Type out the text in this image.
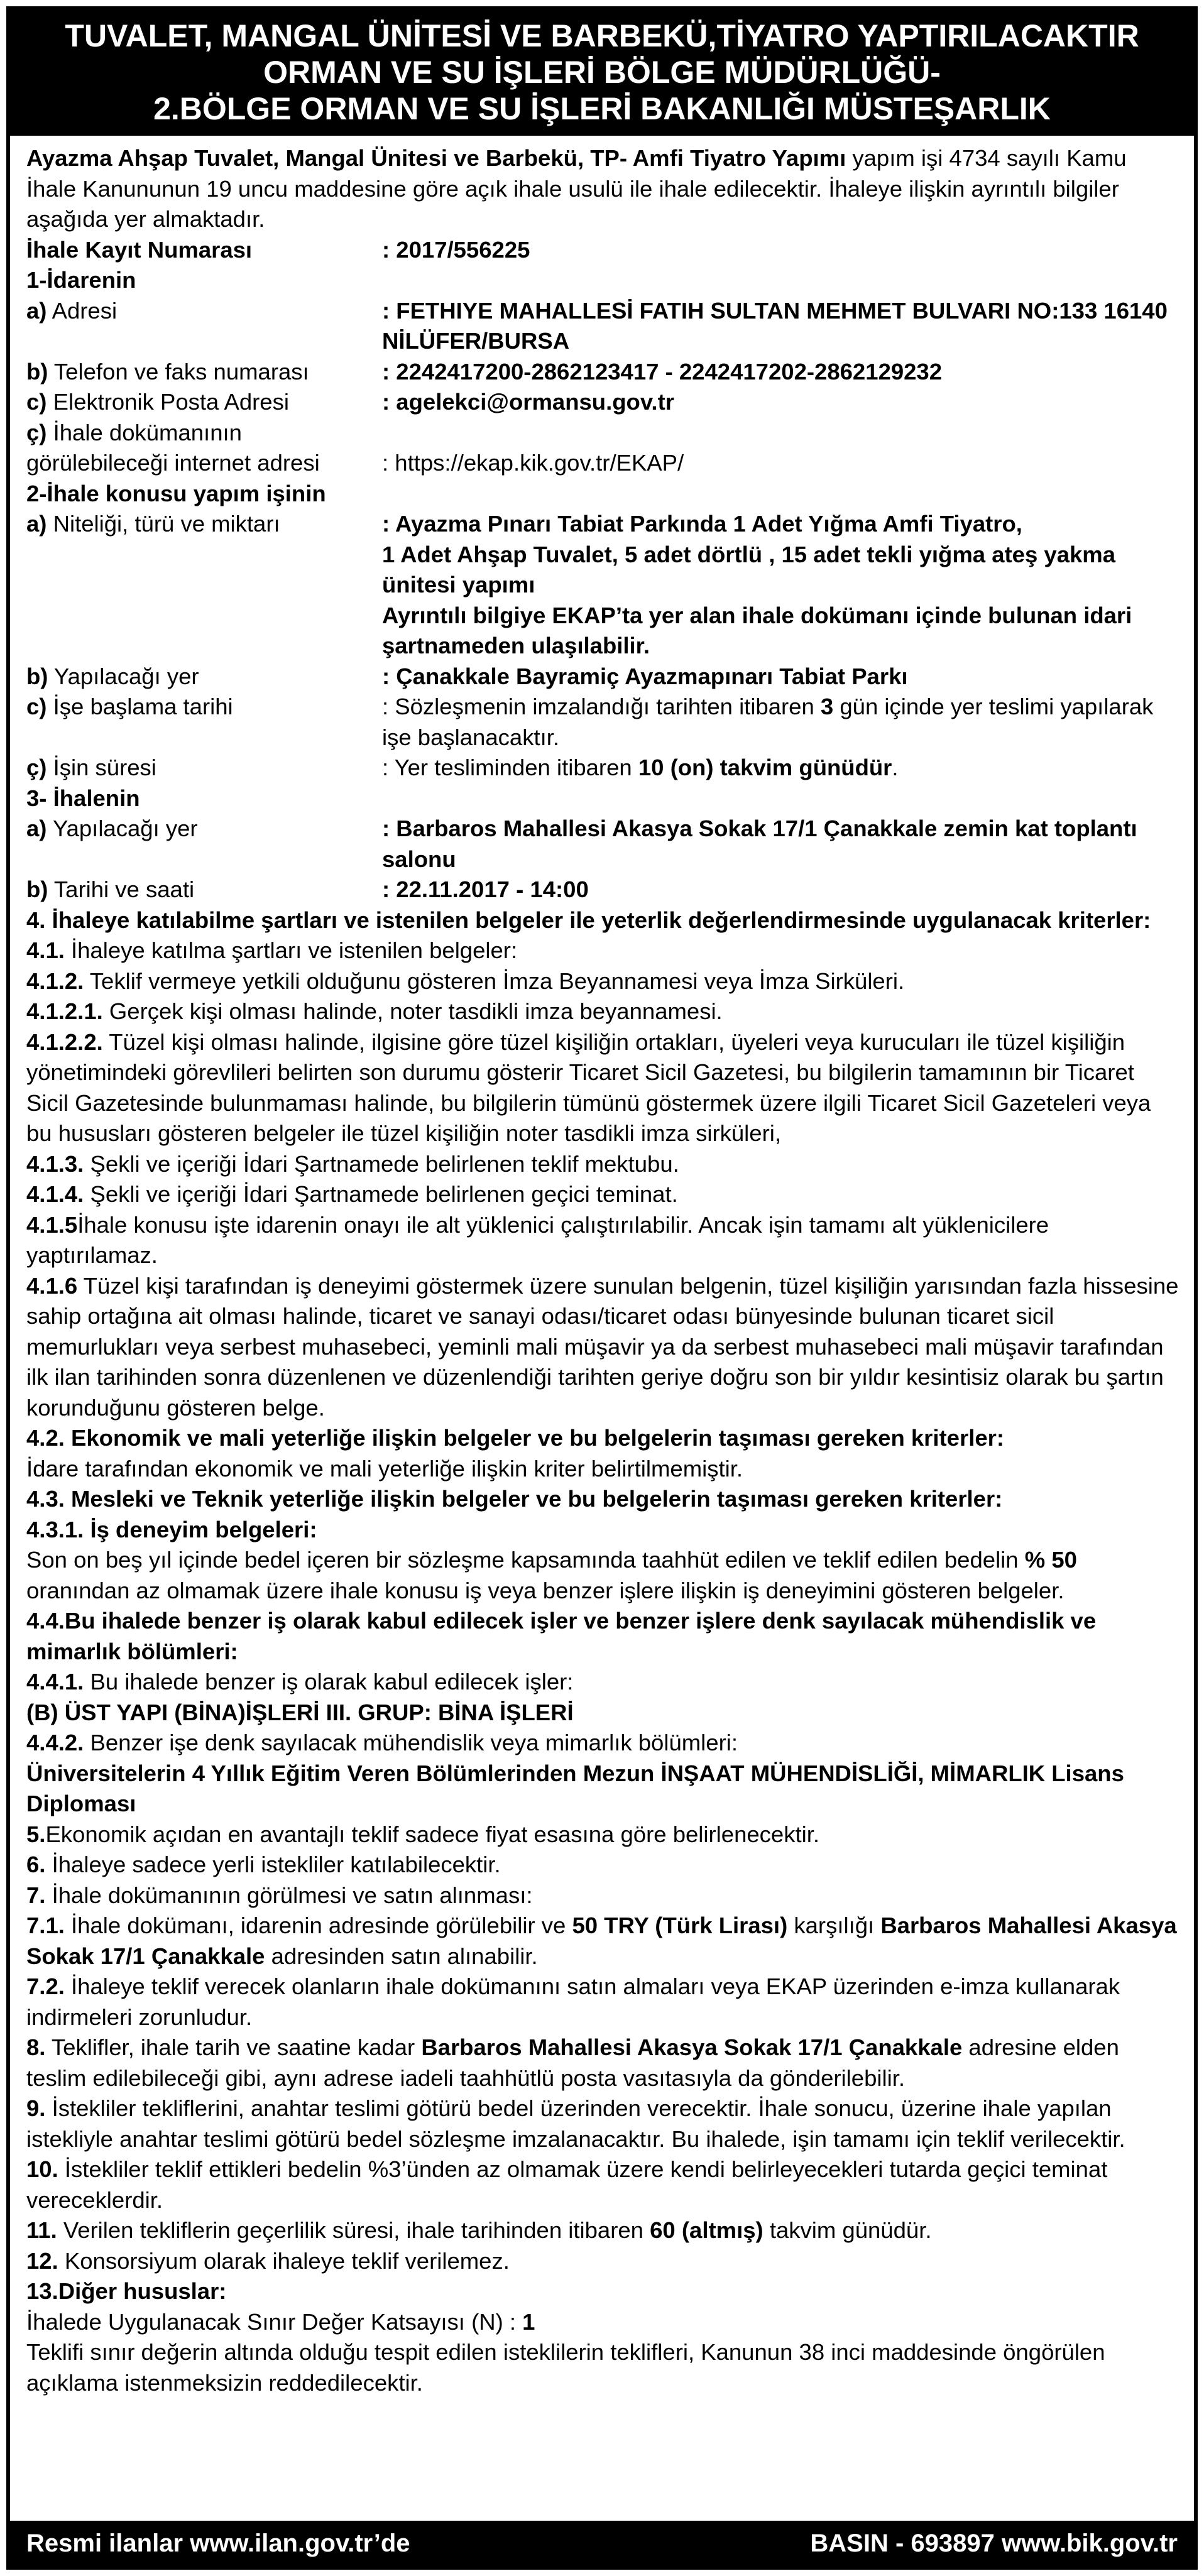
TUVALET, MANGAL ÜNİTESİ VE BARBEKÜ,TİYATRO YAPTIRILACAKTIR
ORMAN VE SU İŞLERİ BÖLGE MÜDÜRLÜĞÜ-
2.BÖLGE ORMAN VE SU İŞLERİ BAKANLIĞI MÜSTEŞARLIK

Ayazma Ahşap Tuvalet, Mangal Ünitesi ve Barbekü, TP- Amfi Tiyatro Yapımı yapım işi 4734 sayılı Kamu İhale Kanununun 19 uncu maddesine göre açık ihale usulü ile ihale edilecektir. İhaleye ilişkin ayrıntılı bilgiler aşağıda yer almaktadır.

İhale Kayıt Numarası	: 2017/556225

1-İdarenin

a) Adresi	: FETHIYE MAHALLESİ FATIH SULTAN MEHMET BULVARI NO:133 16140 NİLÜFER/BURSA
b) Telefon ve faks numarası	: 2242417200-2862123417 - 2242417202-2862129232
c) Elektronik Posta Adresi	: agelekci@ormansu.gov.tr

ç) İhale dokümanının

görülebileceği internet adresi	: https://ekap.kik.gov.tr/EKAP/

2-İhale konusu yapım işinin

a) Niteliği, türü ve miktarı	: Ayazma Pınarı Tabiat Parkında 1 Adet Yığma Amfi Tiyatro,
1 Adet Ahşap Tuvalet, 5 adet dörtlü , 15 adet tekli yığma ateş yakma ünitesi yapımı
Ayrıntılı bilgiye EKAP’ta yer alan ihale dokümanı içinde bulunan idari şartnameden ulaşılabilir.
b) Yapılacağı yer	: Çanakkale Bayramiç Ayazmapınarı Tabiat Parkı
c) İşe başlama tarihi	: Sözleşmenin imzalandığı tarihten itibaren 3 gün içinde yer teslimi yapılarak işe başlanacaktır.
ç) İşin süresi	: Yer tesliminden itibaren 10 (on) takvim günüdür.

3- İhalenin

a) Yapılacağı yer	: Barbaros Mahallesi Akasya Sokak 17/1 Çanakkale zemin kat toplantı salonu
b) Tarihi ve saati	: 22.11.2017 - 14:00

4. İhaleye katılabilme şartları ve istenilen belgeler ile yeterlik değerlendirmesinde uygulanacak kriterler:

4.1. İhaleye katılma şartları ve istenilen belgeler:

4.1.2. Teklif vermeye yetkili olduğunu gösteren İmza Beyannamesi veya İmza Sirküleri.

4.1.2.1. Gerçek kişi olması halinde, noter tasdikli imza beyannamesi.

4.1.2.2. Tüzel kişi olması halinde, ilgisine göre tüzel kişiliğin ortakları, üyeleri veya kurucuları ile tüzel kişiliğin yönetimindeki görevlileri belirten son durumu gösterir Ticaret Sicil Gazetesi, bu bilgilerin tamamının bir Ticaret Sicil Gazetesinde bulunmaması halinde, bu bilgilerin tümünü göstermek üzere ilgili Ticaret Sicil Gazeteleri veya bu hususları gösteren belgeler ile tüzel kişiliğin noter tasdikli imza sirküleri,

4.1.3. Şekli ve içeriği İdari Şartnamede belirlenen teklif mektubu.

4.1.4. Şekli ve içeriği İdari Şartnamede belirlenen geçici teminat.

4.1.5İhale konusu işte idarenin onayı ile alt yüklenici çalıştırılabilir. Ancak işin tamamı alt yüklenicilere yaptırılamaz.

4.1.6 Tüzel kişi tarafından iş deneyimi göstermek üzere sunulan belgenin, tüzel kişiliğin yarısından fazla hissesine sahip ortağına ait olması halinde, ticaret ve sanayi odası/ticaret odası bünyesinde bulunan ticaret sicil memurlukları veya serbest muhasebeci, yeminli mali müşavir ya da serbest muhasebeci mali müşavir tarafından ilk ilan tarihinden sonra düzenlenen ve düzenlendiği tarihten geriye doğru son bir yıldır kesintisiz olarak bu şartın korunduğunu gösteren belge.

4.2. Ekonomik ve mali yeterliğe ilişkin belgeler ve bu belgelerin taşıması gereken kriterler:

İdare tarafından ekonomik ve mali yeterliğe ilişkin kriter belirtilmemiştir.

4.3. Mesleki ve Teknik yeterliğe ilişkin belgeler ve bu belgelerin taşıması gereken kriterler:

4.3.1. İş deneyim belgeleri:

Son on beş yıl içinde bedel içeren bir sözleşme kapsamında taahhüt edilen ve teklif edilen bedelin % 50 oranından az olmamak üzere ihale konusu iş veya benzer işlere ilişkin iş deneyimini gösteren belgeler.

4.4.Bu ihalede benzer iş olarak kabul edilecek işler ve benzer işlere denk sayılacak mühendislik ve mimarlık bölümleri:

4.4.1. Bu ihalede benzer iş olarak kabul edilecek işler:

(B) ÜST YAPI (BİNA)İŞLERİ III. GRUP: BİNA İŞLERİ

4.4.2. Benzer işe denk sayılacak mühendislik veya mimarlık bölümleri:

Üniversitelerin 4 Yıllık Eğitim Veren Bölümlerinden Mezun İNŞAAT MÜHENDİSLİĞİ, MİMARLIK Lisans Diploması

5.Ekonomik açıdan en avantajlı teklif sadece fiyat esasına göre belirlenecektir.

6. İhaleye sadece yerli istekliler katılabilecektir.

7. İhale dokümanının görülmesi ve satın alınması:

7.1. İhale dokümanı, idarenin adresinde görülebilir ve 50 TRY (Türk Lirası) karşılığı Barbaros Mahallesi Akasya Sokak 17/1 Çanakkale adresinden satın alınabilir.

7.2. İhaleye teklif verecek olanların ihale dokümanını satın almaları veya EKAP üzerinden e-imza kullanarak indirmeleri zorunludur.

8. Teklifler, ihale tarih ve saatine kadar Barbaros Mahallesi Akasya Sokak 17/1 Çanakkale adresine elden teslim edilebileceği gibi, aynı adrese iadeli taahhütlü posta vasıtasıyla da gönderilebilir.

9. İstekliler tekliflerini, anahtar teslimi götürü bedel üzerinden verecektir. İhale sonucu, üzerine ihale yapılan istekliyle anahtar teslimi götürü bedel sözleşme imzalanacaktır. Bu ihalede, işin tamamı için teklif verilecektir.

10. İstekliler teklif ettikleri bedelin %3’ünden az olmamak üzere kendi belirleyecekleri tutarda geçici teminat vereceklerdir.

11. Verilen tekliflerin geçerlilik süresi, ihale tarihinden itibaren 60 (altmış) takvim günüdür.

12. Konsorsiyum olarak ihaleye teklif verilemez.

13.Diğer hususlar:

İhalede Uygulanacak Sınır Değer Katsayısı (N) : 1

Teklifi sınır değerin altında olduğu tespit edilen isteklilerin teklifleri, Kanunun 38 inci maddesinde öngörülen açıklama istenmeksizin reddedilecektir.

Resmi ilanlar www.ilan.gov.tr’de	BASIN - 693897 www.bik.gov.tr
